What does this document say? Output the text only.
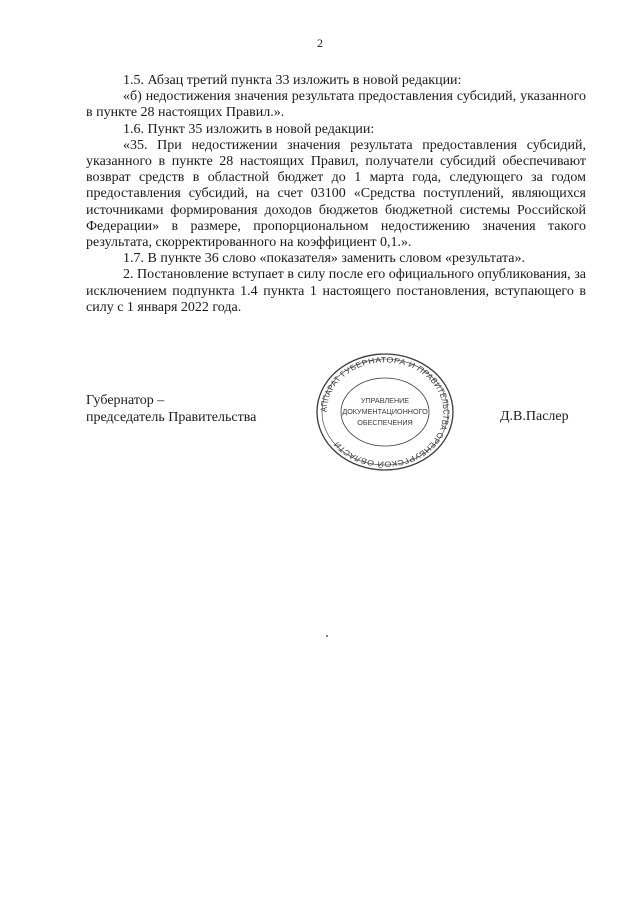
2

1.5. Абзац третий пункта 33 изложить в новой редакции:

«б) недостижения значения результата предоставления субсидий, указанного в пункте 28 настоящих Правил.».

1.6. Пункт 35 изложить в новой редакции:

«35. При недостижении значения результата предоставления субсидий, указанного в пункте 28 настоящих Правил, получатели субсидий обеспечивают возврат средств в областной бюджет до 1 марта года, следующего за годом предоставления субсидий, на счет 03100 «Средства поступлений, являющихся источниками формирования доходов бюджетов бюджетной системы Российской Федерации» в размере, пропорциональном недостижению значения такого результата, скорректированного на коэффициент 0,1.».

1.7. В пункте 36 слово «показателя» заменить словом «результата».

2. Постановление вступает в силу после его официального опубликования, за исключением подпункта 1.4 пункта 1 настоящего постановления, вступающего в силу с 1 января 2022 года.

Губернатор –
председатель Правительства
АППАРАТ ГУБЕРНАТОРА И ПРАВИТЕЛЬСТВА ОРЕНБУРГСКОЙ ОБЛАСТИ
УПРАВЛЕНИЕ
ДОКУМЕНТАЦИОННОГО
ОБЕСПЕЧЕНИЯ	Д.В.Паслер
